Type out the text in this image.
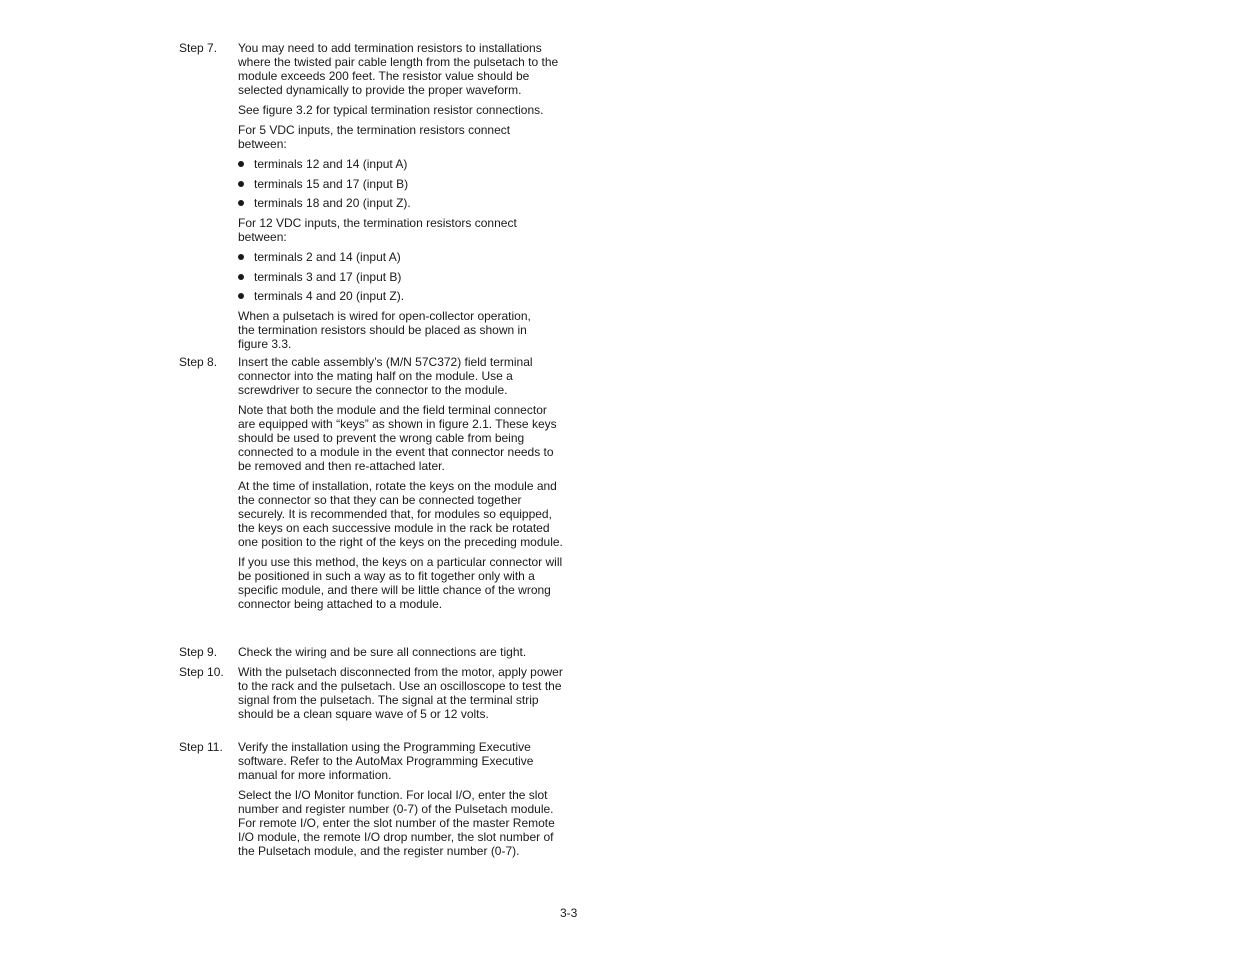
Step 7.	You may need to add termination resistors to installations where the twisted pair cable length from the pulsetach to the module exceeds 200 feet. The resistor value should be selected dynamically to provide the proper waveform.

See figure 3.2 for typical termination resistor connections.

For 5 VDC inputs, the termination resistors connect between:

terminals 12 and 14 (input A)
terminals 15 and 17 (input B)
terminals 18 and 20 (input Z).

For 12 VDC inputs, the termination resistors connect between:

terminals 2 and 14 (input A)
terminals 3 and 17 (input B)
terminals 4 and 20 (input Z).

When a pulsetach is wired for open-collector operation, the termination resistors should be placed as shown in figure 3.3.

Step 8.	Insert the cable assembly’s (M/N 57C372) field terminal connector into the mating half on the module. Use a screwdriver to secure the connector to the module.

Note that both the module and the field terminal connector are equipped with “keys” as shown in figure 2.1. These keys should be used to prevent the wrong cable from being connected to a module in the event that connector needs to be removed and then re-attached later.

At the time of installation, rotate the keys on the module and the connector so that they can be connected together securely. It is recommended that, for modules so equipped, the keys on each successive module in the rack be rotated one position to the right of the keys on the preceding module.

If you use this method, the keys on a particular connector will be positioned in such a way as to fit together only with a specific module, and there will be little chance of the wrong connector being attached to a module.

Step 9.	Check the wiring and be sure all connections are tight.

Step 10.	With the pulsetach disconnected from the motor, apply power to the rack and the pulsetach. Use an oscilloscope to test the signal from the pulsetach. The signal at the terminal strip should be a clean square wave of 5 or 12 volts.

Step 11.	Verify the installation using the Programming Executive software. Refer to the AutoMax Programming Executive manual for more information.

Select the I/O Monitor function. For local I/O, enter the slot number and register number (0-7) of the Pulsetach module. For remote I/O, enter the slot number of the master Remote I/O module, the remote I/O drop number, the slot number of the Pulsetach module, and the register number (0-7).

3-3
